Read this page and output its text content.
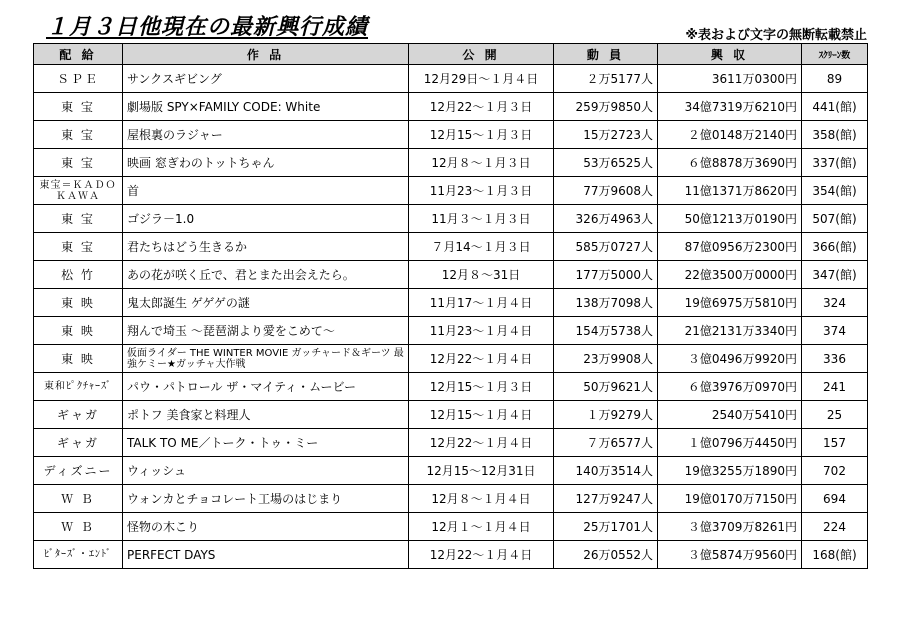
１月３日他現在の最新興行成績	※表および文字の無断転載禁止
配 給	作 品	公 開	動 員	興 収	ｽｸﾘｰﾝ数
ＳＰＥ	サンクスギビング	12月29日～１月４日	２万5177人	3611万0300円	89
東 宝	劇場版 SPY×FAMILY CODE: White	12月22～１月３日	259万9850人	34億7319万6210円	441(館)
東 宝	屋根裏のラジャー	12月15～１月３日	15万2723人	２億0148万2140円	358(館)
東 宝	映画 窓ぎわのトットちゃん	12月８～１月３日	53万6525人	６億8878万3690円	337(館)
東宝＝ＫＡＤＯＫＡＷＡ	首	11月23～１月３日	77万9608人	11億1371万8620円	354(館)
東 宝	ゴジラ－1.0	11月３～１月３日	326万4963人	50億1213万0190円	507(館)
東 宝	君たちはどう生きるか	７月14～１月３日	585万0727人	87億0956万2300円	366(館)
松 竹	あの花が咲く丘で、君とまた出会えたら。	12月８～31日	177万5000人	22億3500万0000円	347(館)
東 映	鬼太郎誕生 ゲゲゲの謎	11月17～１月４日	138万7098人	19億6975万5810円	324
東 映	翔んで埼玉 ～琵琶湖より愛をこめて～	11月23～１月４日	154万5738人	21億2131万3340円	374
東 映	仮面ライダー THE WINTER MOVIE ガッチャード＆ギーツ 最強ケミー★ガッチャ大作戦	12月22～１月４日	23万9908人	３億0496万9920円	336
東和ﾋﾟｸﾁｬｰｽﾞ	パウ・パトロール ザ・マイティ・ムービー	12月15～１月３日	50万9621人	６億3976万0970円	241
ギャガ	ポトフ 美食家と料理人	12月15～１月４日	１万9279人	2540万5410円	25
ギャガ	TALK TO ME／トーク・トゥ・ミー	12月22～１月４日	７万6577人	１億0796万4450円	157
ディズニー	ウィッシュ	12月15～12月31日	140万3514人	19億3255万1890円	702
Ｗ Ｂ	ウォンカとチョコレート工場のはじまり	12月８～１月４日	127万9247人	19億0170万7150円	694
Ｗ Ｂ	怪物の木こり	12月１～１月４日	25万1701人	３億3709万8261円	224
ﾋﾞﾀｰｽﾞ・ｴﾝﾄﾞ	PERFECT DAYS	12月22～１月４日	26万0552人	３億5874万9560円	168(館)
